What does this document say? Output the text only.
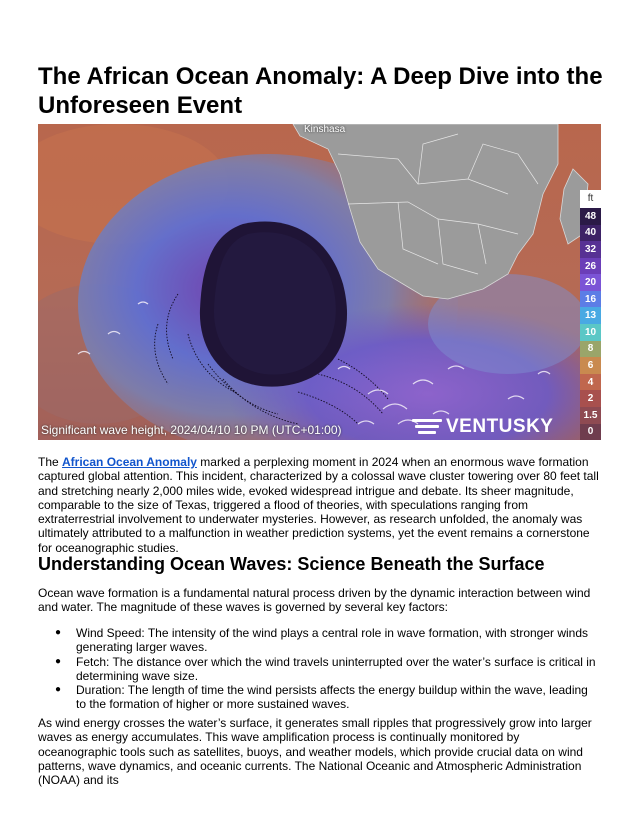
The African Ocean Anomaly: A Deep Dive into the Unforeseen Event
Kinshasa
ft
48
40
32
26
20
16
13
10
8
6
4
2
1.5
0
VENTUSKY
Significant wave height, 2024/04/10 10 PM (UTC+01:00)

The African Ocean Anomaly marked a perplexing moment in 2024 when an enormous wave formation captured global attention. This incident, characterized by a colossal wave cluster towering over 80 feet tall and stretching nearly 2,000 miles wide, evoked widespread intrigue and debate. Its sheer magnitude, comparable to the size of Texas, triggered a flood of theories, with speculations ranging from extraterrestrial involvement to underwater mysteries. However, as research unfolded, the anomaly was ultimately attributed to a malfunction in weather prediction systems, yet the event remains a cornerstone for oceanographic studies.

Understanding Ocean Waves: Science Beneath the Surface

Ocean wave formation is a fundamental natural process driven by the dynamic interaction between wind and water. The magnitude of these waves is governed by several key factors:

● Wind Speed: The intensity of the wind plays a central role in wave formation, with stronger winds generating larger waves.
● Fetch: The distance over which the wind travels uninterrupted over the water’s surface is critical in determining wave size.
● Duration: The length of time the wind persists affects the energy buildup within the wave, leading to the formation of higher or more sustained waves.

As wind energy crosses the water’s surface, it generates small ripples that progressively grow into larger waves as energy accumulates. This wave amplification process is continually monitored by oceanographic tools such as satellites, buoys, and weather models, which provide crucial data on wind patterns, wave dynamics, and oceanic currents. The National Oceanic and Atmospheric Administration (NOAA) and its
